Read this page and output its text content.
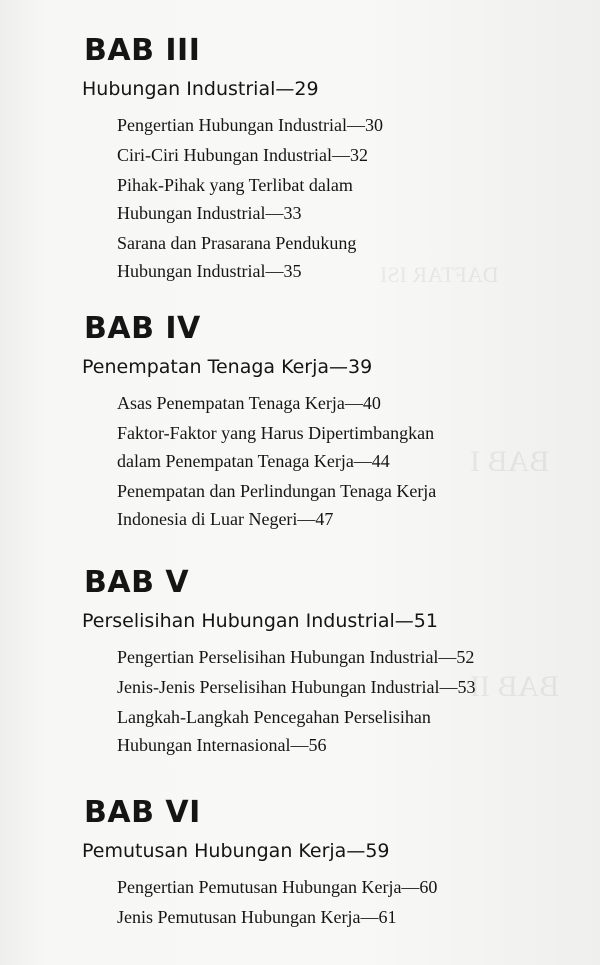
DAFTAR ISI
BAB I
BAB II
BAB III
Hubungan Industrial—29
Pengertian Hubungan Industrial—30
Ciri-Ciri Hubungan Industrial—32
Pihak-Pihak yang Terlibat dalam
Hubungan Industrial—33
Sarana dan Prasarana Pendukung
Hubungan Industrial—35
BAB IV
Penempatan Tenaga Kerja—39
Asas Penempatan Tenaga Kerja—40
Faktor-Faktor yang Harus Dipertimbangkan
dalam Penempatan Tenaga Kerja—44
Penempatan dan Perlindungan Tenaga Kerja
Indonesia di Luar Negeri—47
BAB V
Perselisihan Hubungan Industrial—51
Pengertian Perselisihan Hubungan Industrial—52
Jenis-Jenis Perselisihan Hubungan Industrial—53
Langkah-Langkah Pencegahan Perselisihan
Hubungan Internasional—56
BAB VI
Pemutusan Hubungan Kerja—59
Pengertian Pemutusan Hubungan Kerja—60
Jenis Pemutusan Hubungan Kerja—61
